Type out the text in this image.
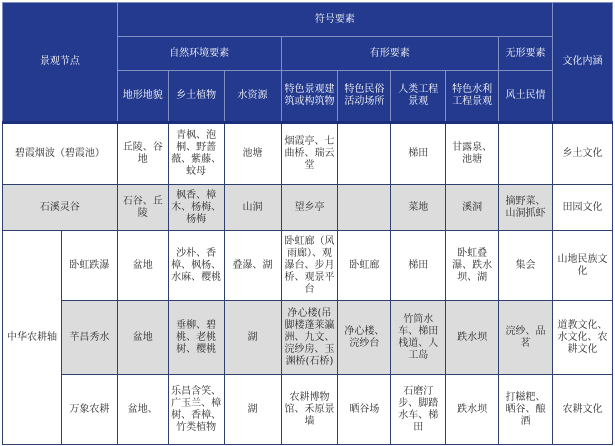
景观节点		符号要素								文化内涵
		自然环境要素			有形要素				无形要素	
		地形地貌	乡土植物	水资源	特色景观建筑或构筑物	特色民俗活动场所	人类工程景观	特色水利工程景观	风土民情	
碧霞烟波（碧霞池）		丘陵、谷地	青枫、泡桐、野蔷薇、紫藤、蚊母	池塘	烟霞亭、七曲桥、瑞云堂		梯田	甘露泉、池塘		乡土文化
石溪灵谷		石谷、丘陵	枫香、樟木、杨梅、杨梅	山洞	望乡亭		菜地	溪洞	摘野菜、山洞抓虾	田园文化
中华农耕轴	卧虹跌瀑	盆地	沙朴、香樟、枫杨、水麻、樱桃	叠瀑、湖	卧虹廊（风雨廊）、观瀑台、步月桥、观景平台	卧虹廊	梯田	卧虹叠瀑、跌水坝、湖	集会	山地民族文化
	芊昌秀水	盆地	垂柳、碧桃、老桃树、樱桃	湖	净心楼(吊脚楼蓬莱瀛洲、九文、浣纱房、玉渊桥(石桥)	净心楼、浣纱台	竹筒水车、梯田栈道、人工岛	跌水坝	浣纱、品茗	道教文化、水文化、农耕文化
	万象农耕	盆地、	乐昌含笑、广玉兰、樟树、香樟、竹类植物	湖	农耕博物馆、禾原景墙	晒谷场	石磨汀步、脚踏水车、梯田	跌水坝	打糍粑、晒谷、酿酒	农耕文化
